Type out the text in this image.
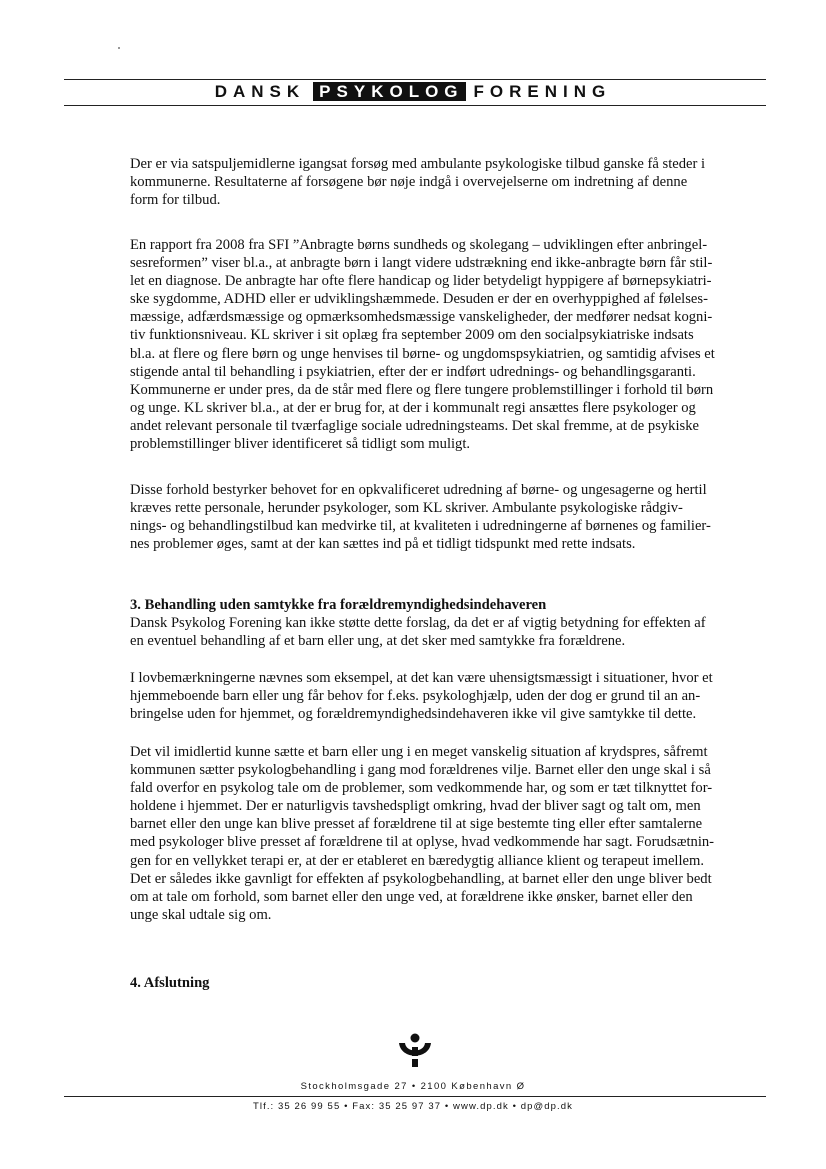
DANSK PSYKOLOG FORENING
Der er via satspuljemidlerne igangsat forsøg med ambulante psykologiske tilbud ganske få steder i
kommunerne. Resultaterne af forsøgene bør nøje indgå i overvejelserne om indretning af denne
form for tilbud.
En rapport fra 2008 fra SFI ”Anbragte børns sundheds og skolegang – udviklingen efter anbringel-
sesreformen” viser bl.a., at anbragte børn i langt videre udstrækning end ikke-anbragte børn får stil-
let en diagnose. De anbragte har ofte flere handicap og lider betydeligt hyppigere af børnepsykiatri-
ske sygdomme, ADHD eller er udviklingshæmmede. Desuden er der en overhyppighed af følelses-
mæssige, adfærdsmæssige og opmærksomhedsmæssige vanskeligheder, der medfører nedsat kogni-
tiv funktionsniveau. KL skriver i sit oplæg fra september 2009 om den socialpsykiatriske indsats
bl.a. at flere og flere børn og unge henvises til børne- og ungdomspsykiatrien, og samtidig afvises et
stigende antal til behandling i psykiatrien, efter der er indført udrednings- og behandlingsgaranti.
Kommunerne er under pres, da de står med flere og flere tungere problemstillinger i forhold til børn
og unge. KL skriver bl.a., at der er brug for, at der i kommunalt regi ansættes flere psykologer og
andet relevant personale til tværfaglige sociale udredningsteams. Det skal fremme, at de psykiske
problemstillinger bliver identificeret så tidligt som muligt.
Disse forhold bestyrker behovet for en opkvalificeret udredning af børne- og ungesagerne og hertil
kræves rette personale, herunder psykologer, som KL skriver. Ambulante psykologiske rådgiv-
nings- og behandlingstilbud kan medvirke til, at kvaliteten i udredningerne af børnenes og familier-
nes problemer øges, samt at der kan sættes ind på et tidligt tidspunkt med rette indsats.
3. Behandling uden samtykke fra forældremyndighedsindehaveren
Dansk Psykolog Forening kan ikke støtte dette forslag, da det er af vigtig betydning for effekten af
en eventuel behandling af et barn eller ung, at det sker med samtykke fra forældrene.
I lovbemærkningerne nævnes som eksempel, at det kan være uhensigtsmæssigt i situationer, hvor et
hjemmeboende barn eller ung får behov for f.eks. psykologhjælp, uden der dog er grund til an an-
bringelse uden for hjemmet, og forældremyndighedsindehaveren ikke vil give samtykke til dette.
Det vil imidlertid kunne sætte et barn eller ung i en meget vanskelig situation af krydspres, såfremt
kommunen sætter psykologbehandling i gang mod forældrenes vilje. Barnet eller den unge skal i så
fald overfor en psykolog tale om de problemer, som vedkommende har, og som er tæt tilknyttet for-
holdene i hjemmet. Der er naturligvis tavshedspligt omkring, hvad der bliver sagt og talt om, men
barnet eller den unge kan blive presset af forældrene til at sige bestemte ting eller efter samtalerne
med psykologer blive presset af forældrene til at oplyse, hvad vedkommende har sagt. Forudsætnin-
gen for en vellykket terapi er, at der er etableret en bæredygtig alliance klient og terapeut imellem.
Det er således ikke gavnligt for effekten af psykologbehandling, at barnet eller den unge bliver bedt
om at tale om forhold, som barnet eller den unge ved, at forældrene ikke ønsker, barnet eller den
unge skal udtale sig om.
4. Afslutning
Stockholmsgade 27 • 2100 København Ø
Tlf.: 35 26 99 55 • Fax: 35 25 97 37 • www.dp.dk • dp@dp.dk
